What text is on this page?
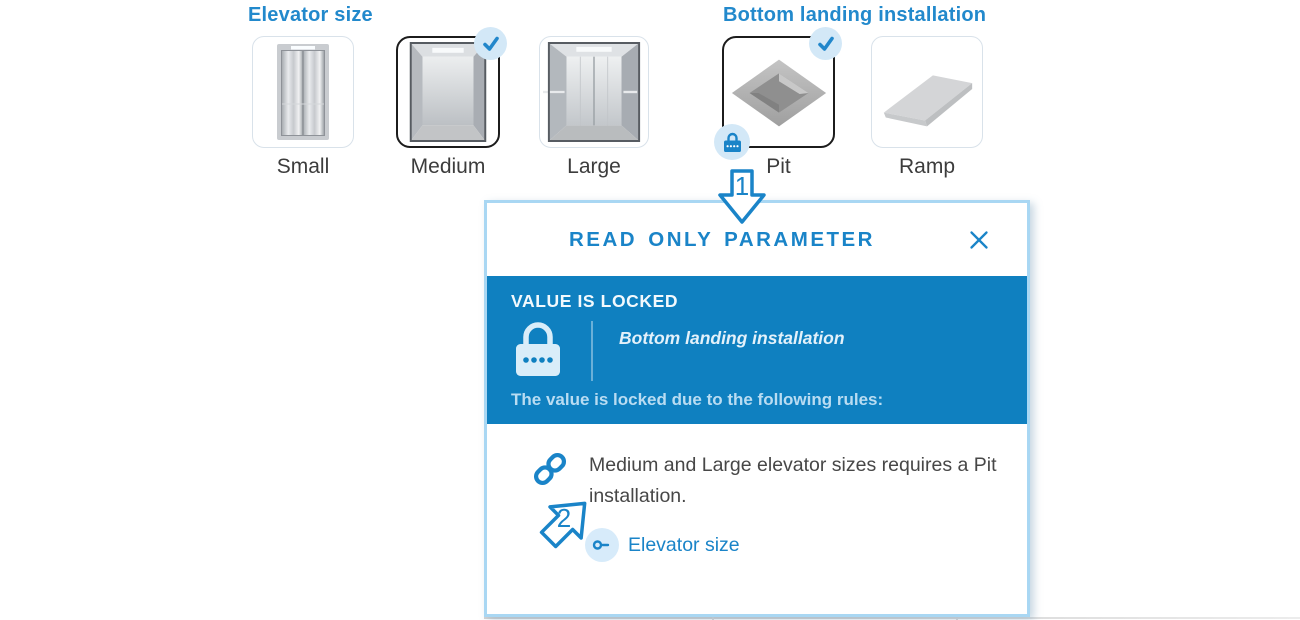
Elevator size	Bottom landing installation
Small	Medium	Large	Pit	Ramp
1
2
READ ONLY PARAMETER
VALUE IS LOCKED
Bottom landing installation
The value is locked due to the following rules:
Medium and Large elevator sizes requires a Pit installation.
Elevator size
